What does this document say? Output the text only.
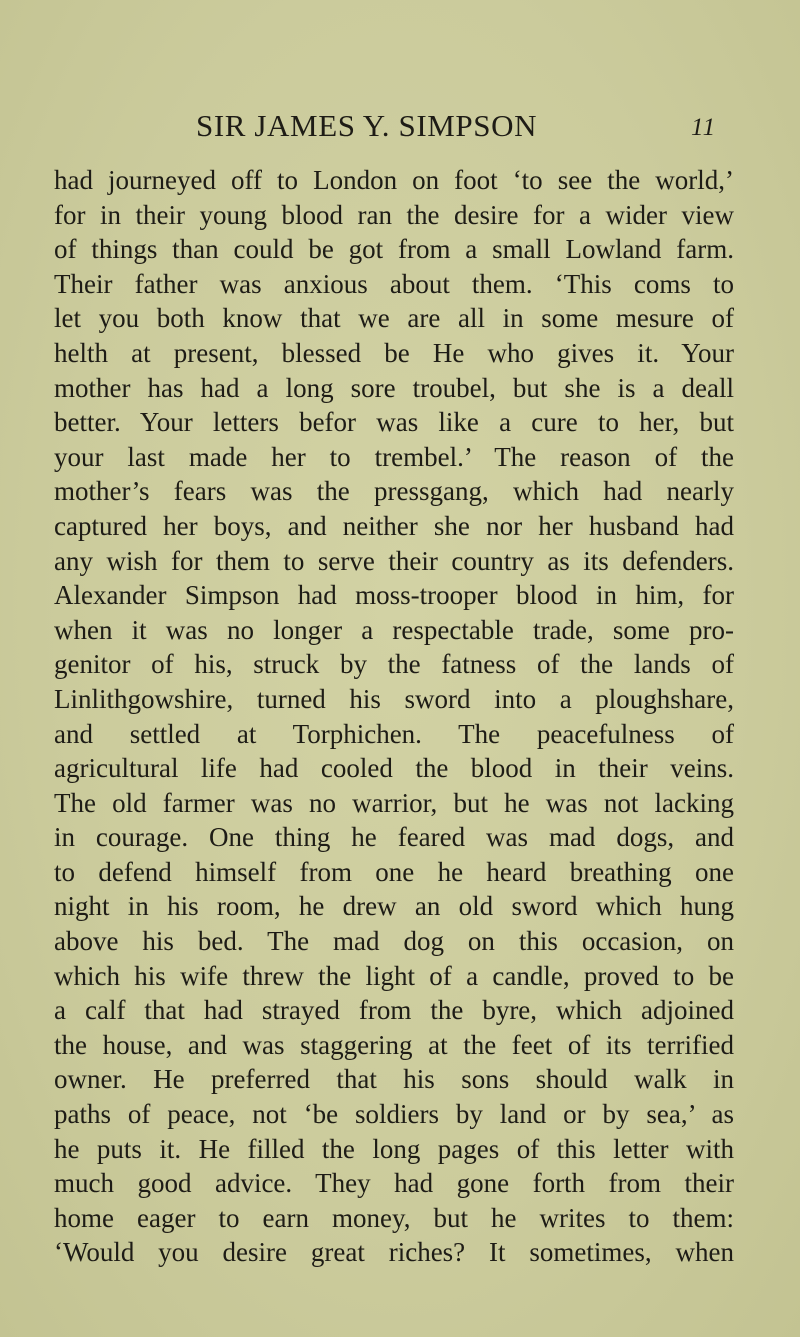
SIR JAMES Y. SIMPSON	11
had journeyed off to London on foot ‘to see the world,’
for in their young blood ran the desire for a wider view
of things than could be got from a small Lowland farm.
Their father was anxious about them. ‘This coms to
let you both know that we are all in some mesure of
helth at present, blessed be He who gives it. Your
mother has had a long sore troubel, but she is a deall
better. Your letters befor was like a cure to her, but
your last made her to trembel.’ The reason of the
mother’s fears was the pressgang, which had nearly
captured her boys, and neither she nor her husband had
any wish for them to serve their country as its defenders.
Alexander Simpson had moss-trooper blood in him, for
when it was no longer a respectable trade, some pro-
genitor of his, struck by the fatness of the lands of
Linlithgowshire, turned his sword into a ploughshare,
and settled at Torphichen. The peacefulness of
agricultural life had cooled the blood in their veins.
The old farmer was no warrior, but he was not lacking
in courage. One thing he feared was mad dogs, and
to defend himself from one he heard breathing one
night in his room, he drew an old sword which hung
above his bed. The mad dog on this occasion, on
which his wife threw the light of a candle, proved to be
a calf that had strayed from the byre, which adjoined
the house, and was staggering at the feet of its terrified
owner. He preferred that his sons should walk in
paths of peace, not ‘be soldiers by land or by sea,’ as
he puts it. He filled the long pages of this letter with
much good advice. They had gone forth from their
home eager to earn money, but he writes to them:
‘Would you desire great riches? It sometimes, when
